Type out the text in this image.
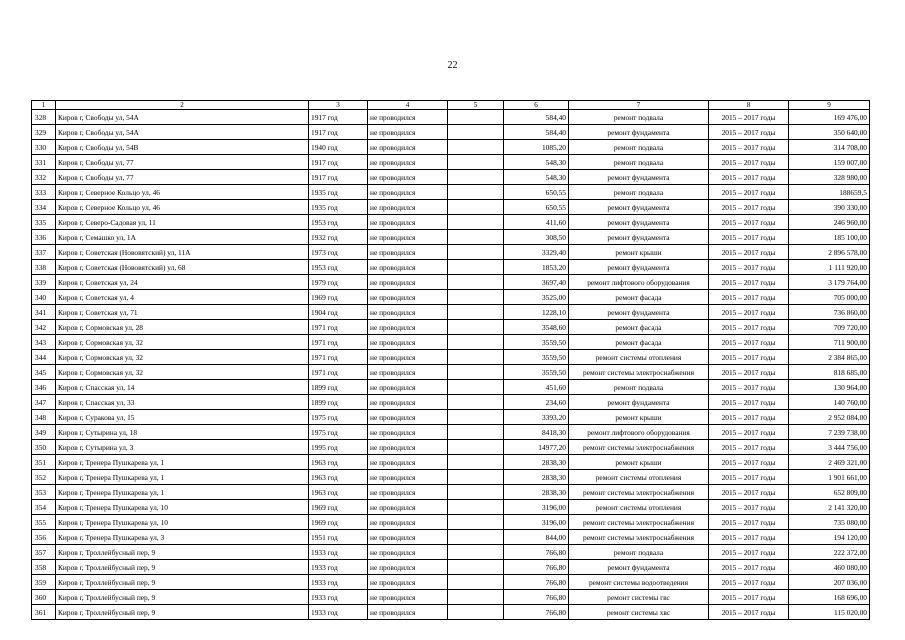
22
1	2	3	4	5	6	7	8	9
328	Киров г, Свободы ул, 54А	1917 год	не проводился		584,40	ремонт подвала	2015 – 2017 годы	169 476,00
329	Киров г, Свободы ул, 54А	1917 год	не проводился		584,40	ремонт фундамента	2015 – 2017 годы	350 640,00
330	Киров г, Свободы ул, 54В	1940 год	не проводился		1085,20	ремонт подвала	2015 – 2017 годы	314 708,00
331	Киров г, Свободы ул, 77	1917 год	не проводился		548,30	ремонт подвала	2015 – 2017 годы	159 007,00
332	Киров г, Свободы ул, 77	1917 год	не проводился		548,30	ремонт фундамента	2015 – 2017 годы	328 980,00
333	Киров г, Северное Кольцо ул, 46	1935 год	не проводился		650,55	ремонт подвала	2015 – 2017 годы	188659,5
334	Киров г, Северное Кольцо ул, 46	1935 год	не проводился		650,55	ремонт фундамента	2015 – 2017 годы	390 330,00
335	Киров г, Северо-Садовая ул, 11	1953 год	не проводился		411,60	ремонт фундамента	2015 – 2017 годы	246 960,00
336	Киров г, Семашко ул, 1А	1932 год	не проводился		308,50	ремонт фундамента	2015 – 2017 годы	185 100,00
337	Киров г, Советская (Нововятский) ул, 11А	1973 год	не проводился		3329,40	ремонт крыши	2015 – 2017 годы	2 896 578,00
338	Киров г, Советская (Нововятский) ул, 68	1953 год	не проводился		1853,20	ремонт фундамента	2015 – 2017 годы	1 111 920,00
339	Киров г, Советская ул, 24	1979 год	не проводился		3697,40	ремонт лифтового оборудования	2015 – 2017 годы	3 179 764,00
340	Киров г, Советская ул, 4	1969 год	не проводился		3525,00	ремонт фасада	2015 – 2017 годы	705 000,00
341	Киров г, Советская ул, 71	1904 год	не проводился		1228,10	ремонт фундамента	2015 – 2017 годы	736 860,00
342	Киров г, Сормовская ул, 28	1971 год	не проводился		3548,60	ремонт фасада	2015 – 2017 годы	709 720,00
343	Киров г, Сормовская ул, 32	1971 год	не проводился		3559,50	ремонт фасада	2015 – 2017 годы	711 900,00
344	Киров г, Сормовская ул, 32	1971 год	не проводился		3559,50	ремонт системы отопления	2015 – 2017 годы	2 384 865,00
345	Киров г, Сормовская ул, 32	1971 год	не проводился		3559,50	ремонт системы электроснабжения	2015 – 2017 годы	818 685,00
346	Киров г, Спасская ул, 14	1899 год	не проводился		451,60	ремонт подвала	2015 – 2017 годы	130 964,00
347	Киров г, Спасская ул, 33	1899 год	не проводился		234,60	ремонт фундамента	2015 – 2017 годы	140 760,00
348	Киров г, Суракова ул, 15	1975 год	не проводился		3393,20	ремонт крыши	2015 – 2017 годы	2 952 084,00
349	Киров г, Сутырина ул, 18	1975 год	не проводился		8418,30	ремонт лифтового оборудования	2015 – 2017 годы	7 239 738,00
350	Киров г, Сутырина ул, 3	1995 год	не проводился		14977,20	ремонт системы электроснабжения	2015 – 2017 годы	3 444 756,00
351	Киров г, Тренера Пушкарева ул, 1	1963 год	не проводился		2838,30	ремонт крыши	2015 – 2017 годы	2 469 321,00
352	Киров г, Тренера Пушкарева ул, 1	1963 год	не проводился		2838,30	ремонт системы отопления	2015 – 2017 годы	1 901 661,00
353	Киров г, Тренера Пушкарева ул, 1	1963 год	не проводился		2838,30	ремонт системы электроснабжения	2015 – 2017 годы	652 809,00
354	Киров г, Тренера Пушкарева ул, 10	1969 год	не проводился		3196,00	ремонт системы отопления	2015 – 2017 годы	2 141 320,00
355	Киров г, Тренера Пушкарева ул, 10	1969 год	не проводился		3196,00	ремонт системы электроснабжения	2015 – 2017 годы	735 080,00
356	Киров г, Тренера Пушкарева ул, 3	1951 год	не проводился		844,00	ремонт системы электроснабжения	2015 – 2017 годы	194 120,00
357	Киров г, Троллейбусный пер, 9	1933 год	не проводился		766,80	ремонт подвала	2015 – 2017 годы	222 372,00
358	Киров г, Троллейбусный пер, 9	1933 год	не проводился		766,80	ремонт фундамента	2015 – 2017 годы	460 080,00
359	Киров г, Троллейбусный пер, 9	1933 год	не проводился		766,80	ремонт системы водоотведения	2015 – 2017 годы	207 036,00
360	Киров г, Троллейбусный пер, 9	1933 год	не проводился		766,80	ремонт системы гвс	2015 – 2017 годы	168 696,00
361	Киров г, Троллейбусный пер, 9	1933 год	не проводился		766,80	ремонт системы хвс	2015 – 2017 годы	115 020,00
